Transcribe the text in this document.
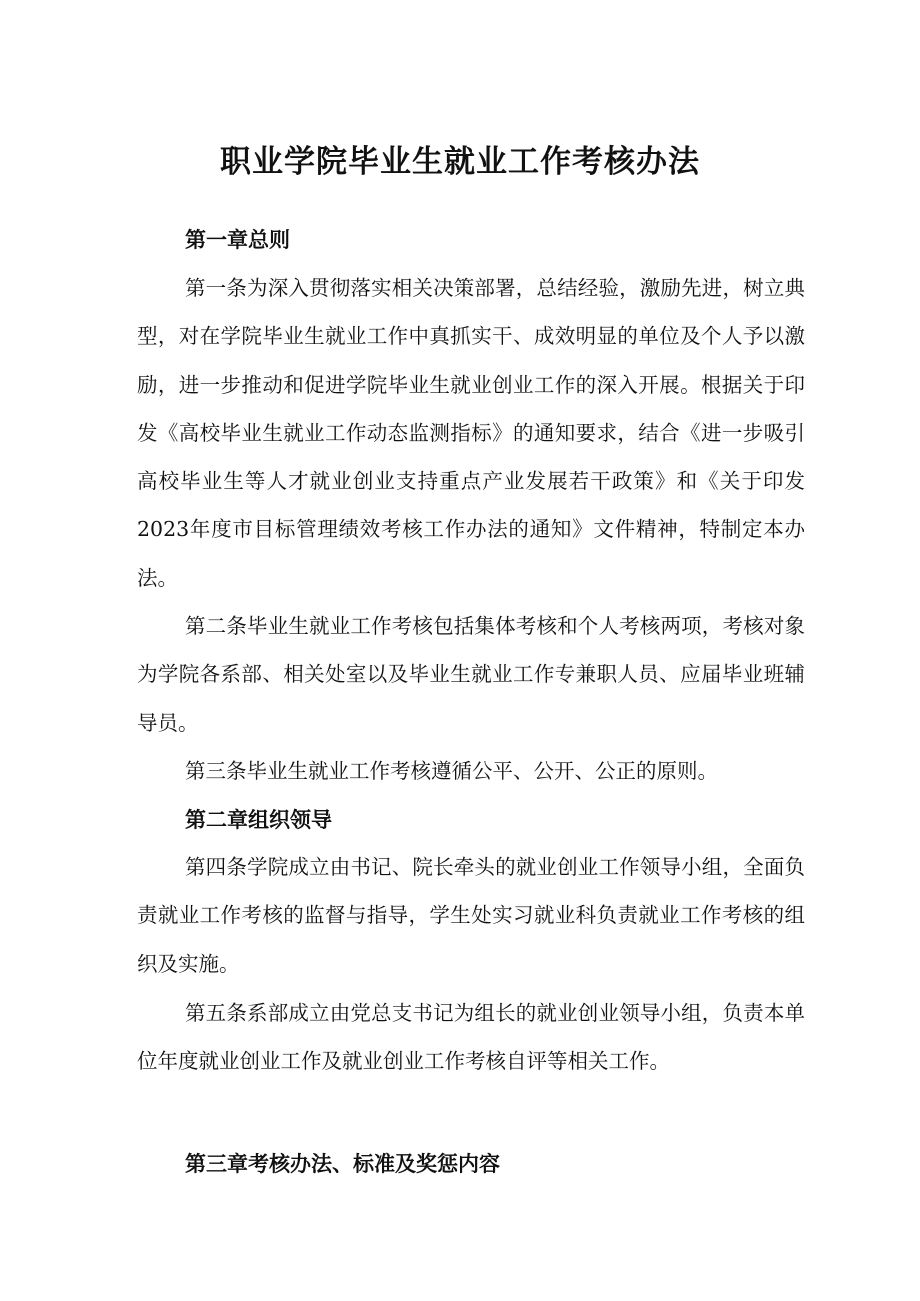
职业学院毕业生就业工作考核办法
第一章总则

第一条为深入贯彻落实相关决策部署，总结经验，激励先进，树立典型，对在学院毕业生就业工作中真抓实干、成效明显的单位及个人予以激励，进一步推动和促进学院毕业生就业创业工作的深入开展。根据关于印发《高校毕业生就业工作动态监测指标》的通知要求，结合《进一步吸引高校毕业生等人才就业创业支持重点产业发展若干政策》和《关于印发2023年度市目标管理绩效考核工作办法的通知》文件精神，特制定本办法。

第二条毕业生就业工作考核包括集体考核和个人考核两项，考核对象为学院各系部、相关处室以及毕业生就业工作专兼职人员、应届毕业班辅导员。

第三条毕业生就业工作考核遵循公平、公开、公正的原则。

第二章组织领导

第四条学院成立由书记、院长牵头的就业创业工作领导小组，全面负责就业工作考核的监督与指导，学生处实习就业科负责就业工作考核的组织及实施。

第五条系部成立由党总支书记为组长的就业创业领导小组，负责本单位年度就业创业工作及就业创业工作考核自评等相关工作。

第三章考核办法、标准及奖惩内容
